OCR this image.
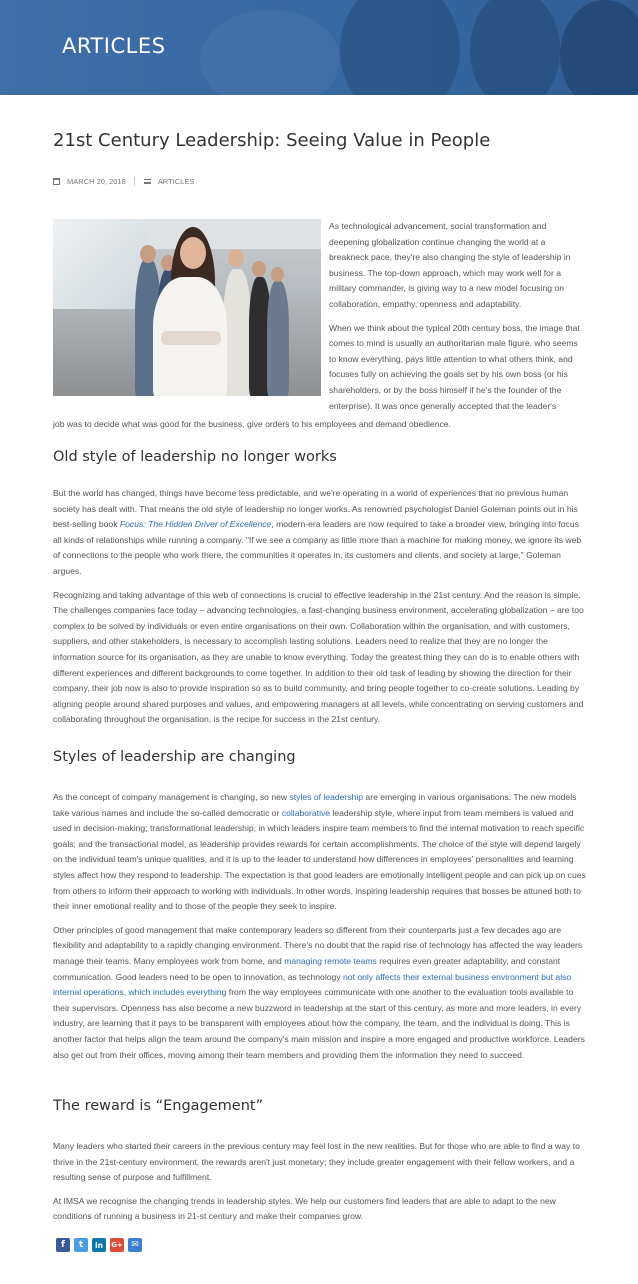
ARTICLES
21st Century Leadership: Seeing Value in People
MARCH 20, 2018	ARTICLES

As technological advancement, social transformation and deepening globalization continue changing the world at a breakneck pace, they're also changing the style of leadership in business. The top-down approach, which may work well for a military commander, is giving way to a new model focusing on collaboration, empathy, openness and adaptability.

When we think about the typical 20th century boss, the image that comes to mind is usually an authoritarian male figure, who seems to know everything, pays little attention to what others think, and focuses fully on achieving the goals set by his own boss (or his shareholders, or by the boss himself if he's the founder of the enterprise). It was once generally accepted that the leader's

job was to decide what was good for the business, give orders to his employees and demand obedience.

Old style of leadership no longer works

But the world has changed, things have become less predictable, and we're operating in a world of experiences that no previous human society has dealt with. That means the old style of leadership no longer works. As renowned psychologist Daniel Goleman points out in his best-selling book Focus: The Hidden Driver of Excellence, modern-era leaders are now required to take a broader view, bringing into focus all kinds of relationships while running a company. "If we see a company as little more than a machine for making money, we ignore its web of connections to the people who work there, the communities it operates in, its customers and clients, and society at large," Goleman argues.

Recognizing and taking advantage of this web of connections is crucial to effective leadership in the 21st century. And the reason is simple. The challenges companies face today – advancing technologies, a fast-changing business environment, accelerating globalization – are too complex to be solved by individuals or even entire organisations on their own. Collaboration within the organisation, and with customers, suppliers, and other stakeholders, is necessary to accomplish lasting solutions. Leaders need to realize that they are no longer the information source for its organisation, as they are unable to know everything. Today the greatest thing they can do is to enable others with different experiences and different backgrounds to come together. In addition to their old task of leading by showing the direction for their company, their job now is also to provide inspiration so as to build community, and bring people together to co-create solutions. Leading by aligning people around shared purposes and values, and empowering managers at all levels, while concentrating on serving customers and collaborating throughout the organisation, is the recipe for success in the 21st century.

Styles of leadership are changing

As the concept of company management is changing, so new styles of leadership are emerging in various organisations. The new models take various names and include the so-called democratic or collaborative leadership style, where input from team members is valued and used in decision-making; transformational leadership, in which leaders inspire team members to find the internal motivation to reach specific goals; and the transactional model, as leadership provides rewards for certain accomplishments. The choice of the style will depend largely on the individual team's unique qualities, and it is up to the leader to understand how differences in employees' personalities and learning styles affect how they respond to leadership. The expectation is that good leaders are emotionally intelligent people and can pick up on cues from others to inform their approach to working with individuals. In other words, inspiring leadership requires that bosses be attuned both to their inner emotional reality and to those of the people they seek to inspire.

Other principles of good management that make contemporary leaders so different from their counterparts just a few decades ago are flexibility and adaptability to a rapidly changing environment. There's no doubt that the rapid rise of technology has affected the way leaders manage their teams. Many employees work from home, and managing remote teams requires even greater adaptability, and constant communication. Good leaders need to be open to innovation, as technology not only affects their external business environment but also internal operations, which includes everything from the way employees communicate with one another to the evaluation tools available to their supervisors. Openness has also become a new buzzword in leadership at the start of this century, as more and more leaders, in every industry, are learning that it pays to be transparent with employees about how the company, the team, and the individual is doing. This is another factor that helps align the team around the company's main mission and inspire a more engaged and productive workforce. Leaders also get out from their offices, moving among their team members and providing them the information they need to succeed.

The reward is “Engagement”

Many leaders who started their careers in the previous century may feel lost in the new realities. But for those who are able to find a way to thrive in the 21st-century environment, the rewards aren't just monetary; they include greater engagement with their fellow workers, and a resulting sense of purpose and fulfillment.

At IMSA we recognise the changing trends in leadership styles. We help our customers find leaders that are able to adapt to the new conditions of running a business in 21-st century and make their companies grow.

f	t	in	G+ ✉
